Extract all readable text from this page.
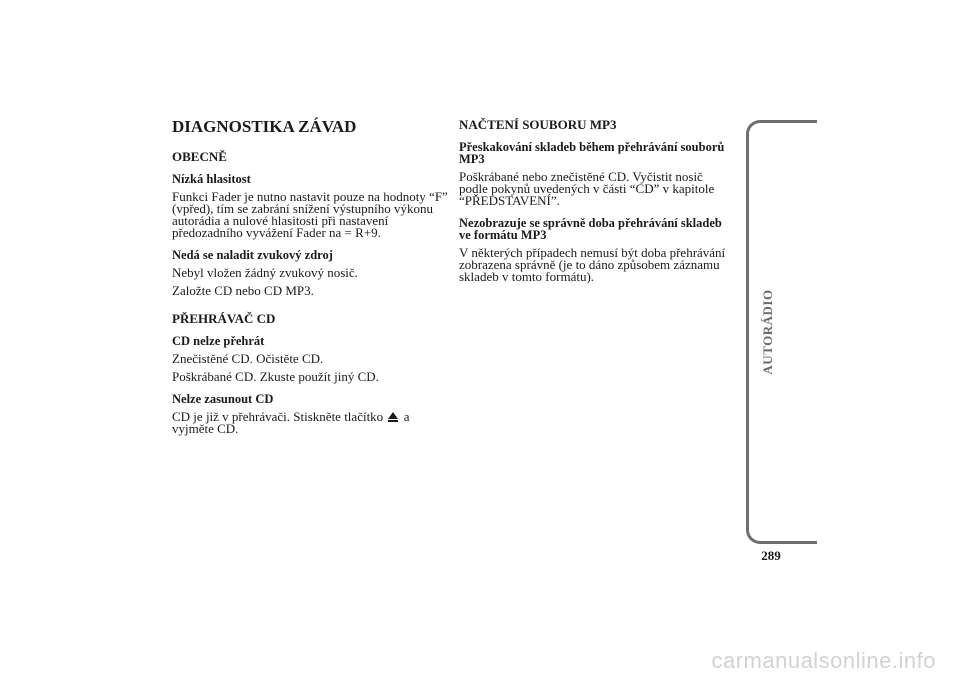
DIAGNOSTIKA ZÁVAD
OBECNĚ
Nízká hlasitost
Funkci Fader je nutno nastavit pouze na hodnoty “F” (vpřed), tím se zabrání snížení výstupního výkonu autorádia a nulové hlasitosti při nastavení předozadního vyvážení Fader na = R+9.
Nedá se naladit zvukový zdroj
Nebyl vložen žádný zvukový nosič.
Založte CD nebo CD MP3.
PŘEHRÁVAČ CD
CD nelze přehrát
Znečistěné CD. Očistěte CD.
Poškrábané CD. Zkuste použít jiný CD.
Nelze zasunout CD
CD je již v přehrávači. Stiskněte tlačítko a vyjměte CD.
NAČTENÍ SOUBORU MP3
Přeskakování skladeb během přehrávání souborů MP3
Poškrábané nebo znečistěné CD. Vyčistit nosič podle pokynů uvedených v části “CD” v kapitole “PŘEDSTAVENÍ”.
Nezobrazuje se správně doba přehrávání skladeb ve formátu MP3
V některých případech nemusí být doba přehrávání zobrazena správně (je to dáno způsobem záznamu skladeb v tomto formátu).
AUTORÁDIO
289
carmanualsonline.info
